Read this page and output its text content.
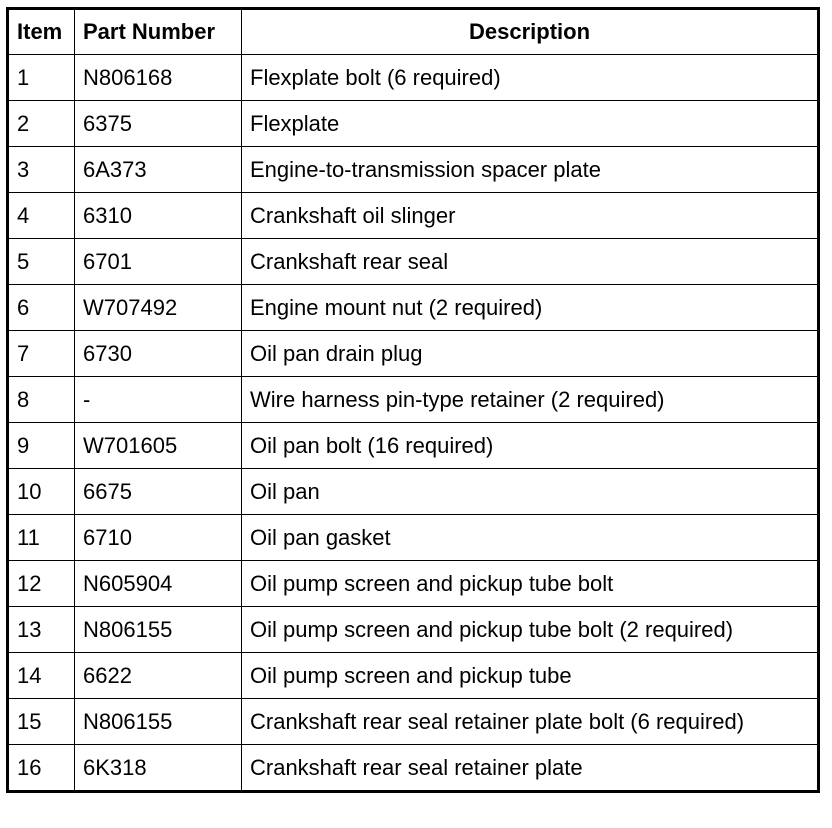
Item	Part Number	Description
1	N806168	Flexplate bolt (6 required)
2	6375	Flexplate
3	6A373	Engine-to-transmission spacer plate
4	6310	Crankshaft oil slinger
5	6701	Crankshaft rear seal
6	W707492	Engine mount nut (2 required)
7	6730	Oil pan drain plug
8	-	Wire harness pin-type retainer (2 required)
9	W701605	Oil pan bolt (16 required)
10	6675	Oil pan
11	6710	Oil pan gasket
12	N605904	Oil pump screen and pickup tube bolt
13	N806155	Oil pump screen and pickup tube bolt (2 required)
14	6622	Oil pump screen and pickup tube
15	N806155	Crankshaft rear seal retainer plate bolt (6 required)
16	6K318	Crankshaft rear seal retainer plate
